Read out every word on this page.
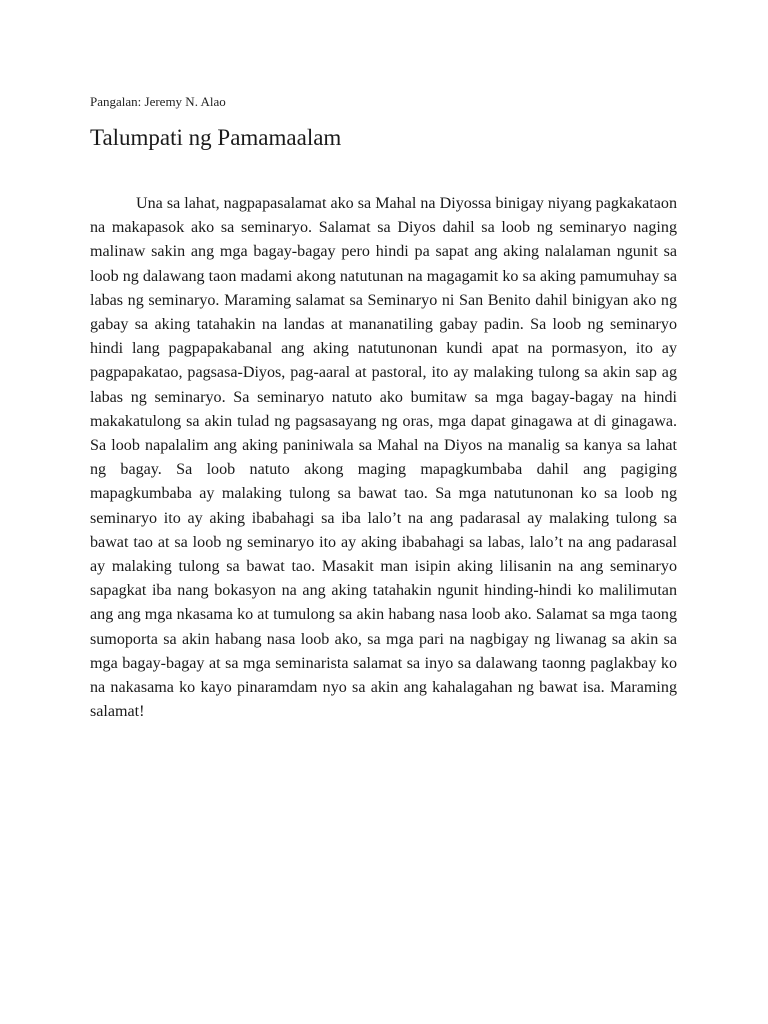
Pangalan: Jeremy N. Alao
Talumpati ng Pamamaalam

Una sa lahat, nagpapasalamat ako sa Mahal na Diyossa binigay niyang pagkakataon na makapasok ako sa seminaryo. Salamat sa Diyos dahil sa loob ng seminaryo naging malinaw sakin ang mga bagay-bagay pero hindi pa sapat ang aking nalalaman ngunit sa loob ng dalawang taon madami akong natutunan na magagamit ko sa aking pamumuhay sa labas ng seminaryo. Maraming salamat sa Seminaryo ni San Benito dahil binigyan ako ng gabay sa aking tatahakin na landas at mananatiling gabay padin. Sa loob ng seminaryo hindi lang pagpapakabanal ang aking natutunonan kundi apat na pormasyon, ito ay pagpapakatao, pagsasa-Diyos, pag-aaral at pastoral, ito ay malaking tulong sa akin sap ag labas ng seminaryo. Sa seminaryo natuto ako bumitaw sa mga bagay-bagay na hindi makakatulong sa akin tulad ng pagsasayang ng oras, mga dapat ginagawa at di ginagawa. Sa loob napalalim ang aking paniniwala sa Mahal na Diyos na manalig sa kanya sa lahat ng bagay. Sa loob natuto akong maging mapagkumbaba dahil ang pagiging mapagkumbaba ay malaking tulong sa bawat tao. Sa mga natutunonan ko sa loob ng seminaryo ito ay aking ibabahagi sa iba lalo’t na ang padarasal ay malaking tulong sa bawat tao at sa loob ng seminaryo ito ay aking ibabahagi sa labas, lalo’t na ang padarasal ay malaking tulong sa bawat tao. Masakit man isipin aking lilisanin na ang seminaryo sapagkat iba nang bokasyon na ang aking tatahakin ngunit hinding-hindi ko malilimutan ang ang mga nkasama ko at tumulong sa akin habang nasa loob ako. Salamat sa mga taong sumoporta sa akin habang nasa loob ako, sa mga pari na nagbigay ng liwanag sa akin sa mga bagay-bagay at sa mga seminarista salamat sa inyo sa dalawang taonng paglakbay ko na nakasama ko kayo pinaramdam nyo sa akin ang kahalagahan ng bawat isa. Maraming salamat!
